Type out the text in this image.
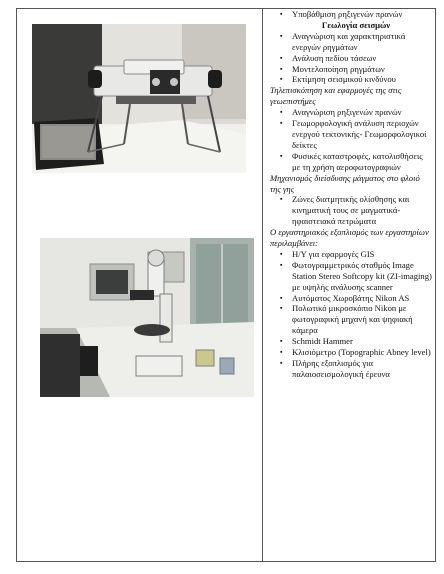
▪ Υποβάθμιση ρηξιγενών πρανών

Γεωλογία σεισμών

▪ Αναγνώριση και χαρακτηριστικά ενεργών ρηγμάτων

▪ Ανάλυση πεδίου τάσεων

▪ Μοντελοποίηση ρηγμάτων

▪ Εκτίμηση σεισμικού κινδύνου

Τηλεπισκόπηση και εφαρμογές της στις γεωεπιστήμες

▪ Αναγνώριση ρηξιγενών πρανών

▪ Γεωμορφολογική ανάλυση περιοχών ενεργού τεκτονικής- Γεωμορφολογικοί δείκτες

▪ Φυσικές καταστροφές, κατολισθήσεις με τη χρήση αεροφωτογραφιών

Μηχανισμός διείσδυσης μάγματος στο φλοιό της γης

▪ Ζώνες διατμητικής ολίσθησης και κινηματική τους σε μαγματικά-ηφαιστειακά πετρώματα

Ο εργαστηριακός εξοπλισμός των εργαστηρίων περιλαμβάνει:

▪ Η/Υ για εφαρμογές GIS

▪ Φωτογραμμετρικός σταθμός Image Station Stereo Softcopy kit (ZI-imaging) με υψηλής ανάλυσης scanner

▪ Αυτόματος Χωροβάτης Nikon AS

▪ Πολωτικό μικροσκόπιο Nikon με φωτογραφική μηχανή και ψηφιακή κάμερα

▪ Schmidt Hammer

▪ Κλισιόμετρο (Topographic Abney level)

▪ Πλήρης εξοπλισμός για παλαιοσεισμολογική έρευνα
